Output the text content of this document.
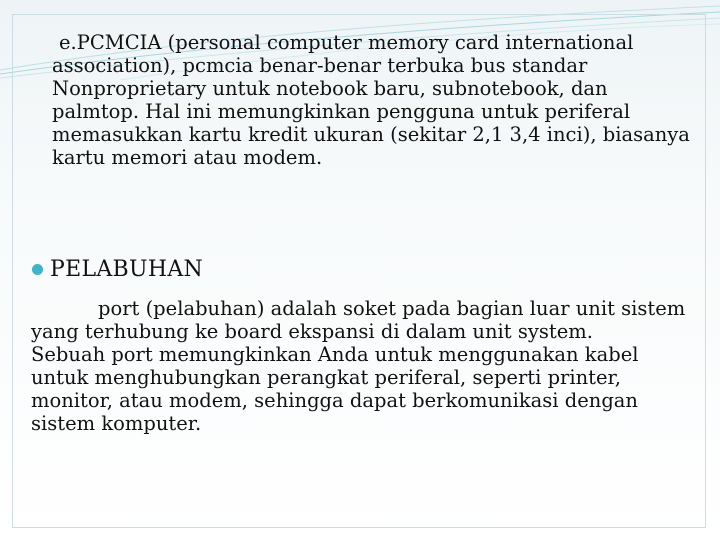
e.PCMCIA (personal computer memory card international
association), pcmcia benar-benar terbuka bus standar Nonproprietary untuk notebook baru, subnotebook, dan palmtop. Hal ini memungkinkan pengguna untuk periferal memasukkan kartu kredit ukuran (sekitar 2,1 3,4 inci), biasanya kartu memori atau modem.

PELABUHAN

port (pelabuhan) adalah soket pada bagian luar unit sistem yang terhubung ke board ekspansi di dalam unit system.
Sebuah port memungkinkan Anda untuk menggunakan kabel untuk menghubungkan perangkat periferal, seperti printer, monitor, atau modem, sehingga dapat berkomunikasi dengan sistem komputer.
